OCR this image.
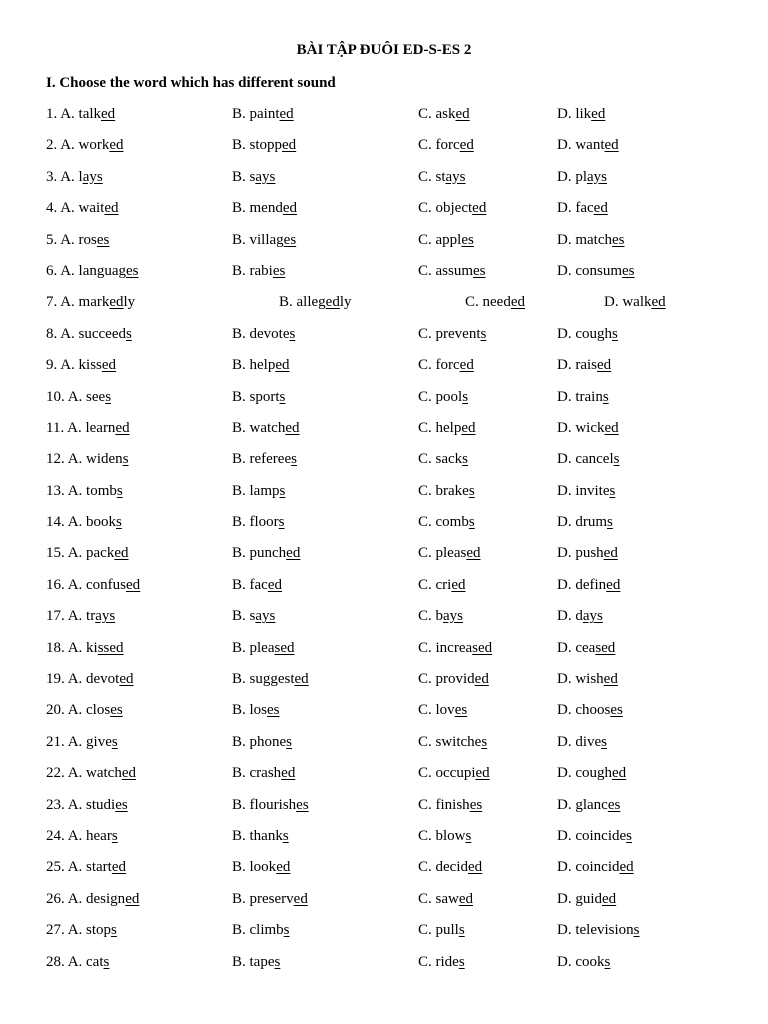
BÀI TẬP ĐUÔI ED-S-ES 2
I. Choose the word which has different sound
1. A. talked	B. painted	C. asked	D. liked
2. A. worked	B. stopped	C. forced	D. wanted
3. A. lays	B. says	C. stays	D. plays
4. A. waited	B. mended	C. objected	D. faced
5. A. roses	B. villages	C. apples	D. matches
6. A. languages	B. rabies	C. assumes	D. consumes
7. A. markedly	B. allegedly	C. needed	D. walked
8. A. succeeds	B. devotes	C. prevents	D. coughs
9. A. kissed	B. helped	C. forced	D. raised
10. A. sees	B. sports	C. pools	D. trains
11. A. learned	B. watched	C. helped	D. wicked
12. A. widens	B. referees	C. sacks	D. cancels
13. A. tombs	B. lamps	C. brakes	D. invites
14. A. books	B. floors	C. combs	D. drums
15. A. packed	B. punched	C. pleased	D. pushed
16. A. confused	B. faced	C. cried	D. defined
17. A. trays	B. says	C. bays	D. days
18. A. kissed	B. pleased	C. increased	D. ceased
19. A. devoted	B. suggested	C. provided	D. wished
20. A. closes	B. loses	C. loves	D. chooses
21. A. gives	B. phones	C. switches	D. dives
22. A. watched	B. crashed	C. occupied	D. coughed
23. A. studies	B. flourishes	C. finishes	D. glances
24. A. hears	B. thanks	C. blows	D. coincides
25. A. started	B. looked	C. decided	D. coincided
26. A. designed	B. preserved	C. sawed	D. guided
27. A. stops	B. climbs	C. pulls	D. televisions
28. A. cats	B. tapes	C. rides	D. cooks
